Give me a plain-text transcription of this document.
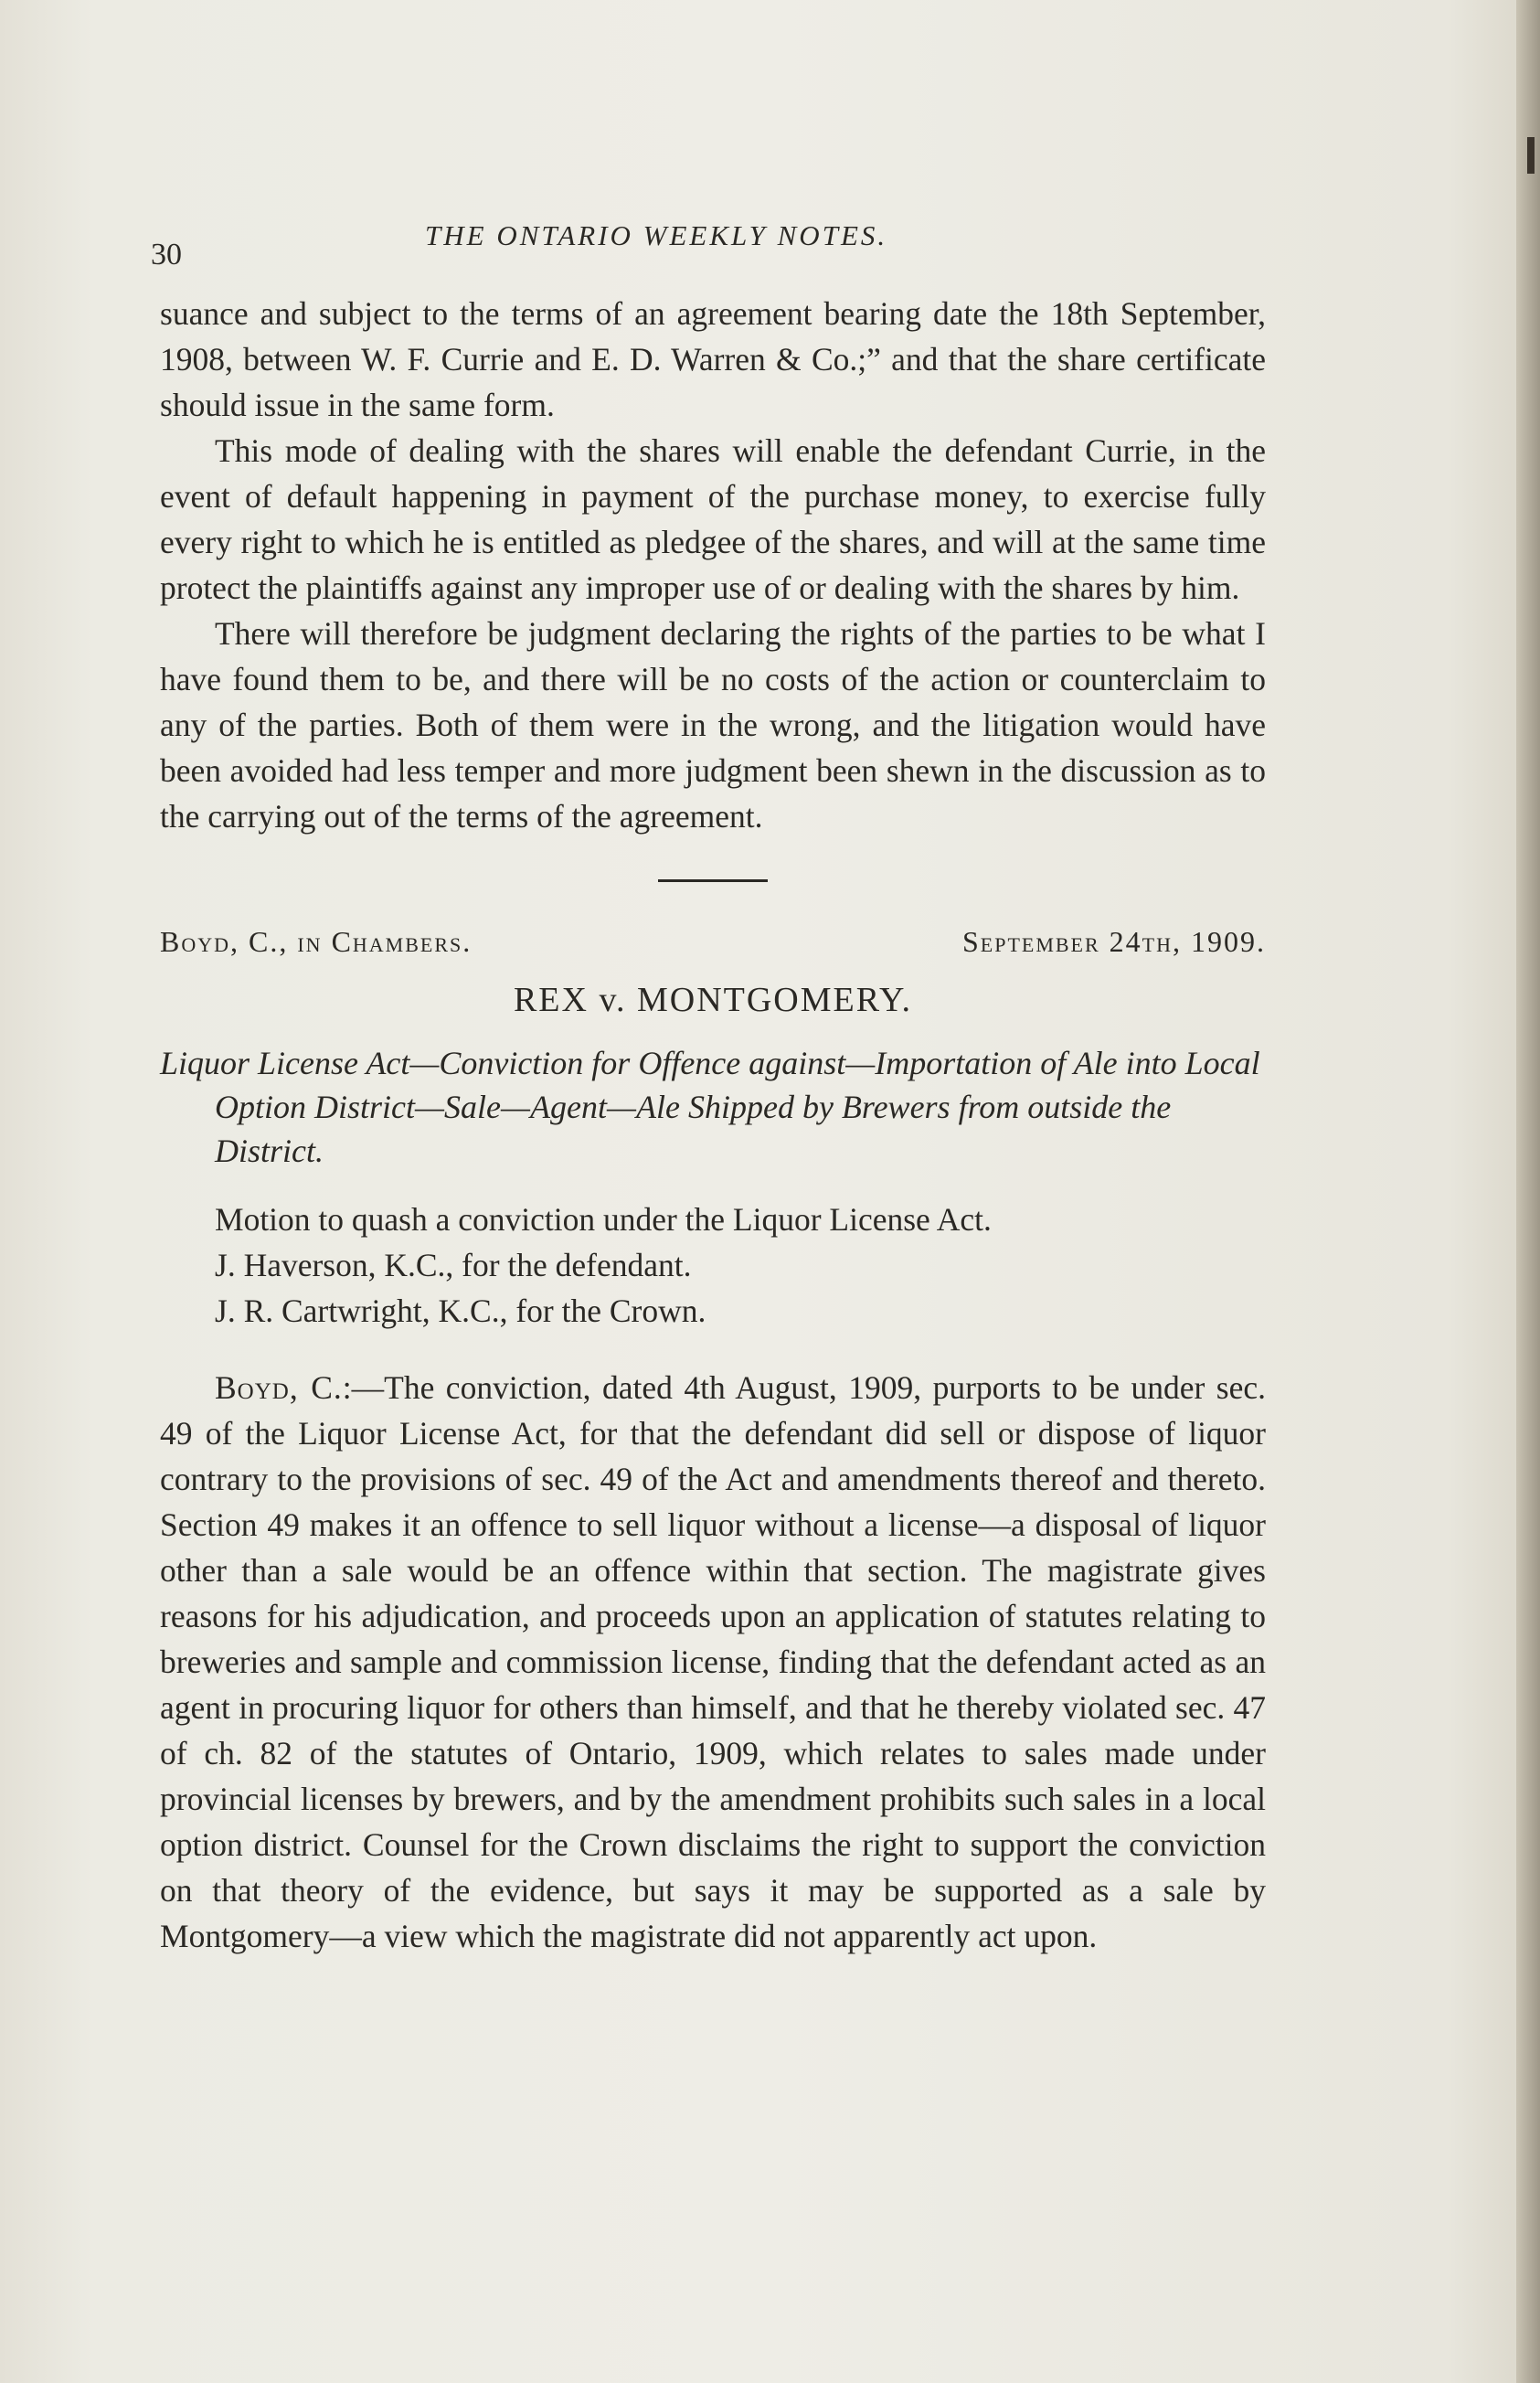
30
THE ONTARIO WEEKLY NOTES.

suance and subject to the terms of an agreement bearing date the 18th September, 1908, between W. F. Currie and E. D. Warren & Co.;” and that the share certificate should issue in the same form.

This mode of dealing with the shares will enable the defendant Currie, in the event of default happening in payment of the purchase money, to exercise fully every right to which he is entitled as pledgee of the shares, and will at the same time protect the plaintiffs against any improper use of or dealing with the shares by him.

There will therefore be judgment declaring the rights of the parties to be what I have found them to be, and there will be no costs of the action or counterclaim to any of the parties. Both of them were in the wrong, and the litigation would have been avoided had less temper and more judgment been shewn in the discussion as to the carrying out of the terms of the agreement.

Boyd, C., in Chambers.	September 24th, 1909.
REX v. MONTGOMERY.
Liquor License Act—Conviction for Offence against—Importation of Ale into Local Option District—Sale—Agent—Ale Shipped by Brewers from outside the District.

Motion to quash a conviction under the Liquor License Act.

J. Haverson, K.C., for the defendant.

J. R. Cartwright, K.C., for the Crown.

Boyd, C.:—The conviction, dated 4th August, 1909, purports to be under sec. 49 of the Liquor License Act, for that the defendant did sell or dispose of liquor contrary to the provisions of sec. 49 of the Act and amendments thereof and thereto. Section 49 makes it an offence to sell liquor without a license—a disposal of liquor other than a sale would be an offence within that section. The magistrate gives reasons for his adjudication, and proceeds upon an application of statutes relating to breweries and sample and commission license, finding that the defendant acted as an agent in procuring liquor for others than himself, and that he thereby violated sec. 47 of ch. 82 of the statutes of Ontario, 1909, which relates to sales made under provincial licenses by brewers, and by the amendment prohibits such sales in a local option district. Counsel for the Crown disclaims the right to support the conviction on that theory of the evidence, but says it may be supported as a sale by Montgomery—a view which the magistrate did not apparently act upon.
